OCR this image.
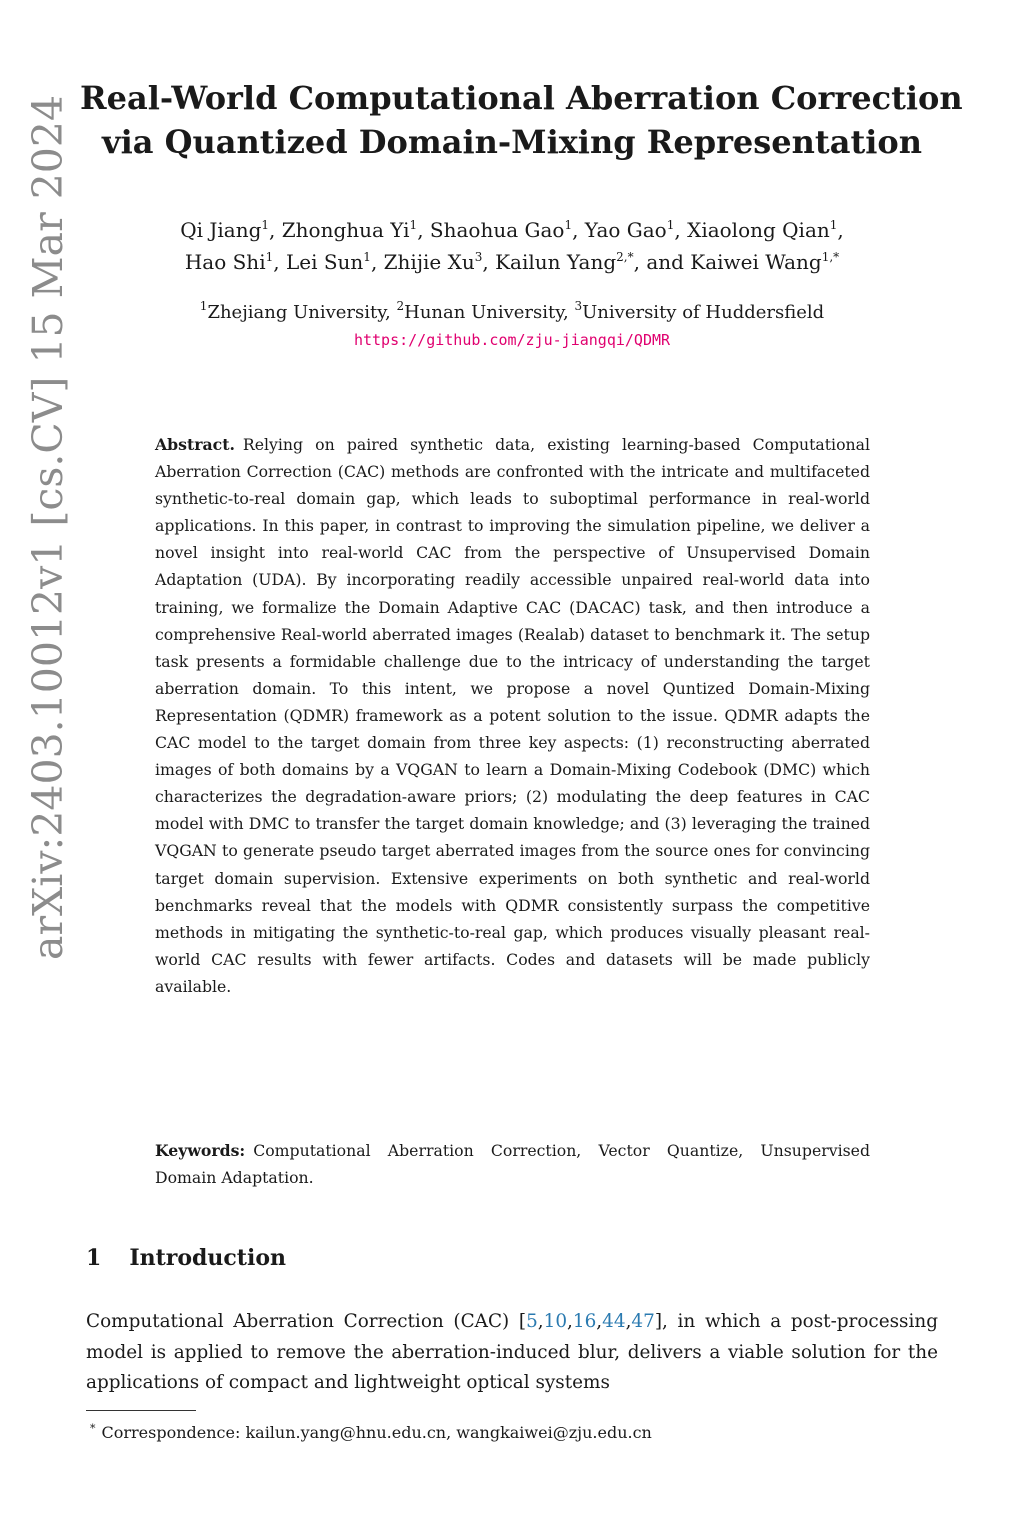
arXiv:2403.10012v1 [cs.CV] 15 Mar 2024 Real-World Computational Aberration Correction
via Quantized Domain-Mixing Representation
Qi Jiang$^1$, Zhonghua Yi$^1$, Shaohua Gao$^1$, Yao Gao$^1$, Xiaolong Qian$^1$,
Hao Shi$^1$, Lei Sun$^1$, Zhijie Xu$^3$, Kailun Yang$^{2,*}$, and Kaiwei Wang$^{1,*}$
$^1$Zhejiang University, $^2$Hunan University, $^3$University of Huddersfield
https://github.com/zju-jiangqi/QDMR
Abstract. Relying on paired synthetic data, existing learning-based Computational Aberration Correction (CAC) methods are confronted with the intricate and multifaceted synthetic-to-real domain gap, which leads to suboptimal performance in real-world applications. In this paper, in contrast to improving the simulation pipeline, we deliver a novel insight into real-world CAC from the perspective of Unsupervised Domain Adaptation (UDA). By incorporating readily accessible unpaired real-world data into training, we formalize the Domain Adaptive CAC (DACAC) task, and then introduce a comprehensive Real-world aberrated images (Realab) dataset to benchmark it. The setup task presents a formidable challenge due to the intricacy of understanding the target aberration domain. To this intent, we propose a novel Quntized Domain-Mixing Representation (QDMR) framework as a potent solution to the issue. QDMR adapts the CAC model to the target domain from three key aspects: (1) reconstructing aberrated images of both domains by a VQGAN to learn a Domain-Mixing Codebook (DMC) which characterizes the degradation-aware priors; (2) modulating the deep features in CAC model with DMC to transfer the target domain knowledge; and (3) leveraging the trained VQGAN to generate pseudo target aberrated images from the source ones for convincing target domain supervision. Extensive experiments on both synthetic and real-world benchmarks reveal that the models with QDMR consistently surpass the competitive methods in mitigating the synthetic-to-real gap, which produces visually pleasant real-world CAC results with fewer artifacts. Codes and datasets will be made publicly available.
Keywords: Computational Aberration Correction, Vector Quantize, Unsupervised Domain Adaptation.
1 Introduction
Computational Aberration Correction (CAC) [5,10,16,44,47], in which a post-processing model is applied to remove the aberration-induced blur, delivers a viable solution for the applications of compact and lightweight optical systems
* Correspondence: kailun.yang@hnu.edu.cn, wangkaiwei@zju.edu.cn
